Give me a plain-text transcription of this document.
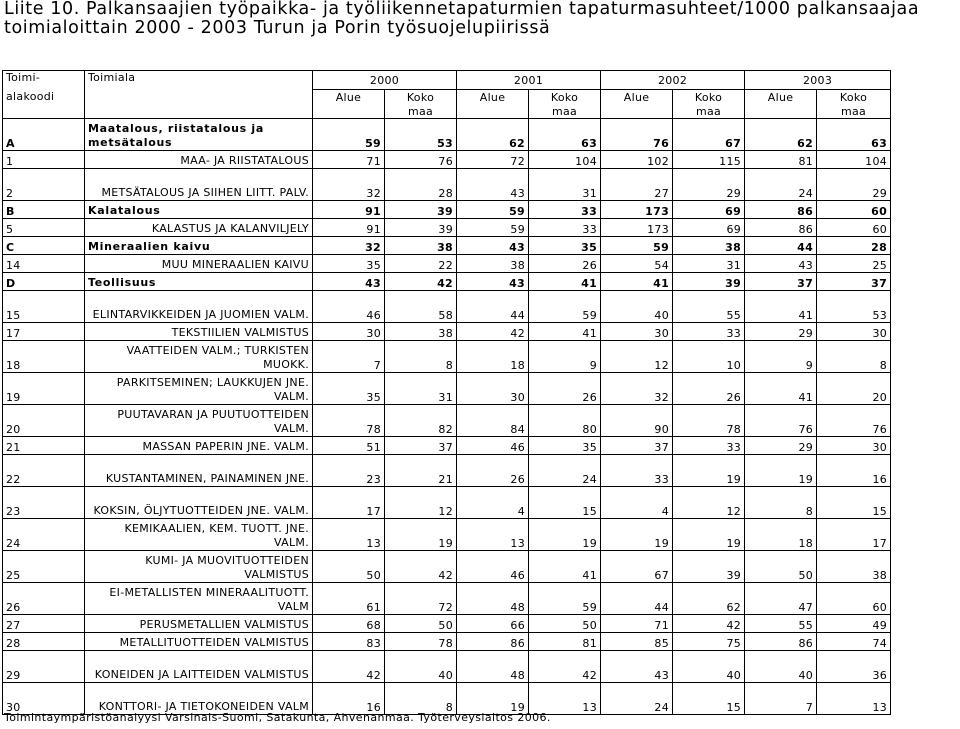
Liite 10. Palkansaajien työpaikka- ja työliikennetapaturmien tapaturmasuhteet/1000 palkansaajaa
toimialoittain 2000 - 2003 Turun ja Porin työsuojelupiirissä
Toimi-	Toimiala	2000		2001		2002		2003	
alakoodi		Alue	Koko	Alue	Koko	Alue	Koko	Alue	Koko
			maa		maa		maa		maa
A	Maatalous, riistatalous ja metsätalous	59	53	62	63	76	67	62	63
1	MAA- JA RIISTATALOUS	71	76	72	104	102	115	81	104
2	METSÄTALOUS JA SIIHEN LIITT. PALV.	32	28	43	31	27	29	24	29
B	Kalatalous	91	39	59	33	173	69	86	60
5	KALASTUS JA KALANVILJELY	91	39	59	33	173	69	86	60
C	Mineraalien kaivu	32	38	43	35	59	38	44	28
14	MUU MINERAALIEN KAIVU	35	22	38	26	54	31	43	25
D	Teollisuus	43	42	43	41	41	39	37	37
15	ELINTARVIKKEIDEN JA JUOMIEN VALM.	46	58	44	59	40	55	41	53
17	TEKSTIILIEN VALMISTUS	30	38	42	41	30	33	29	30
18	VAATTEIDEN VALM.; TURKISTEN MUOKK.	7	8	18	9	12	10	9	8
19	PARKITSEMINEN; LAUKKUJEN JNE. VALM.	35	31	30	26	32	26	41	20
20	PUUTAVARAN JA PUUTUOTTEIDEN VALM.	78	82	84	80	90	78	76	76
21	MASSAN PAPERIN JNE. VALM.	51	37	46	35	37	33	29	30
22	KUSTANTAMINEN, PAINAMINEN JNE.	23	21	26	24	33	19	19	16
23	KOKSIN, ÖLJYTUOTTEIDEN JNE. VALM.	17	12	4	15	4	12	8	15
24	KEMIKAALIEN, KEM. TUOTT. JNE. VALM.	13	19	13	19	19	19	18	17
25	KUMI- JA MUOVITUOTTEIDEN VALMISTUS	50	42	46	41	67	39	50	38
26	EI-METALLISTEN MINERAALITUOTT. VALM	61	72	48	59	44	62	47	60
27	PERUSMETALLIEN VALMISTUS	68	50	66	50	71	42	55	49
28	METALLITUOTTEIDEN VALMISTUS	83	78	86	81	85	75	86	74
29	KONEIDEN JA LAITTEIDEN VALMISTUS	42	40	48	42	43	40	40	36
30	KONTTORI- JA TIETOKONEIDEN VALM	16	8	19	13	24	15	7	13
Toimintaympäristöanalyysi Varsinais-Suomi, Satakunta, Ahvenanmaa. Työterveyslaitos 2006.
